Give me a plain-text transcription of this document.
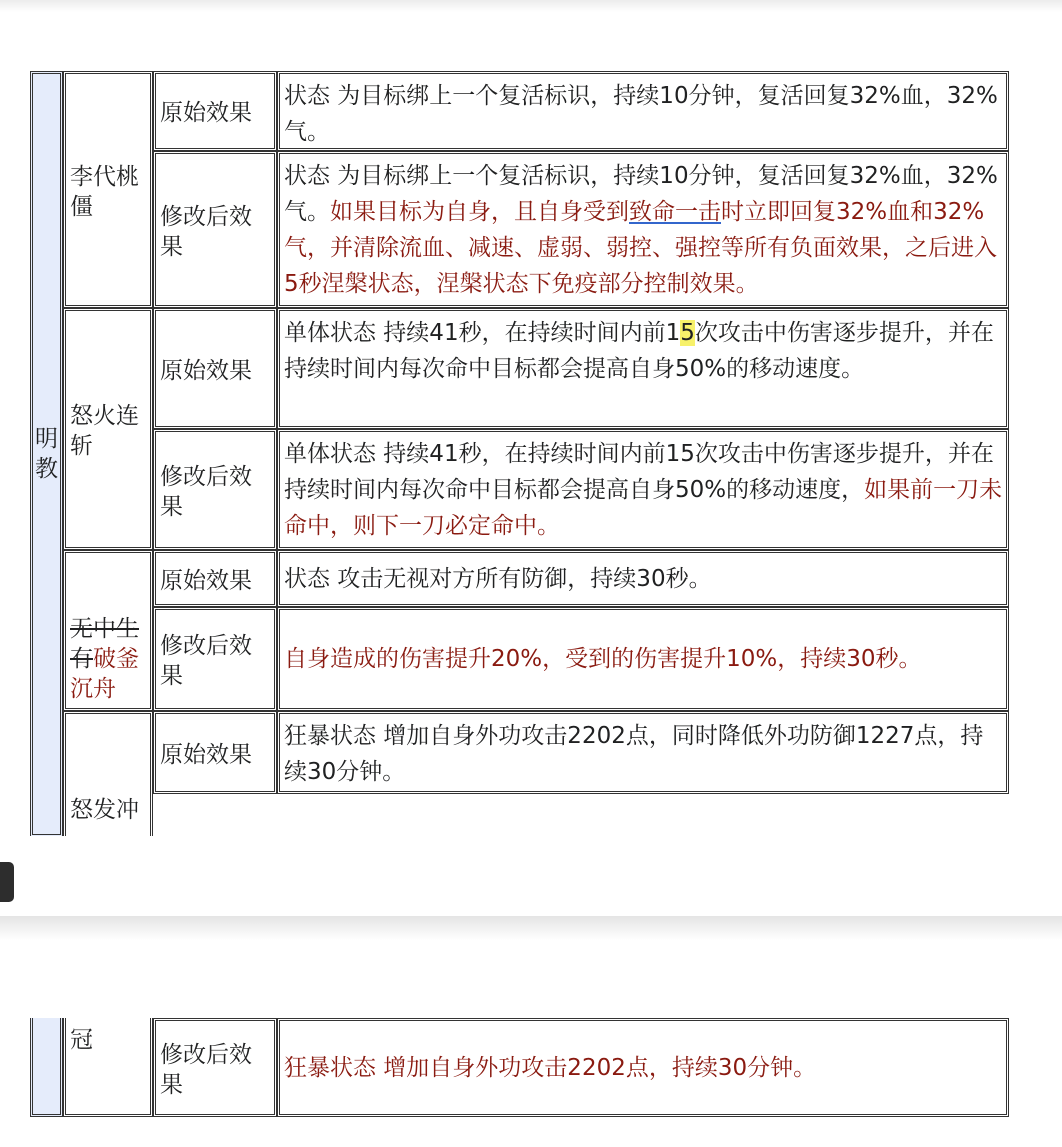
明教
李代桃僵
原始效果
状态 为目标绑上一个复活标识，持续10分钟，复活回复32%血，32%气。
修改后效果
状态 为目标绑上一个复活标识，持续10分钟，复活回复32%血，32%气。如果目标为自身，且自身受到致命一击时立即回复32%血和32%气，并清除流血、减速、虚弱、弱控、强控等所有负面效果，之后进入5秒涅槃状态，涅槃状态下免疫部分控制效果。
怒火连斩
原始效果
单体状态 持续41秒，在持续时间内前15次攻击中伤害逐步提升，并在持续时间内每次命中目标都会提高自身50%的移动速度。
修改后效果
单体状态 持续41秒，在持续时间内前15次攻击中伤害逐步提升，并在持续时间内每次命中目标都会提高自身50%的移动速度，如果前一刀未命中，则下一刀必定命中。
无中生有破釜沉舟
原始效果 状态 攻击无视对方所有防御，持续30秒。
修改后效果
自身造成的伤害提升20%，受到的伤害提升10%，持续30秒。
怒发冲
原始效果
狂暴状态 增加自身外功攻击2202点，同时降低外功防御1227点，持续30分钟。
冠
修改后效果
狂暴状态 增加自身外功攻击2202点，持续30分钟。
